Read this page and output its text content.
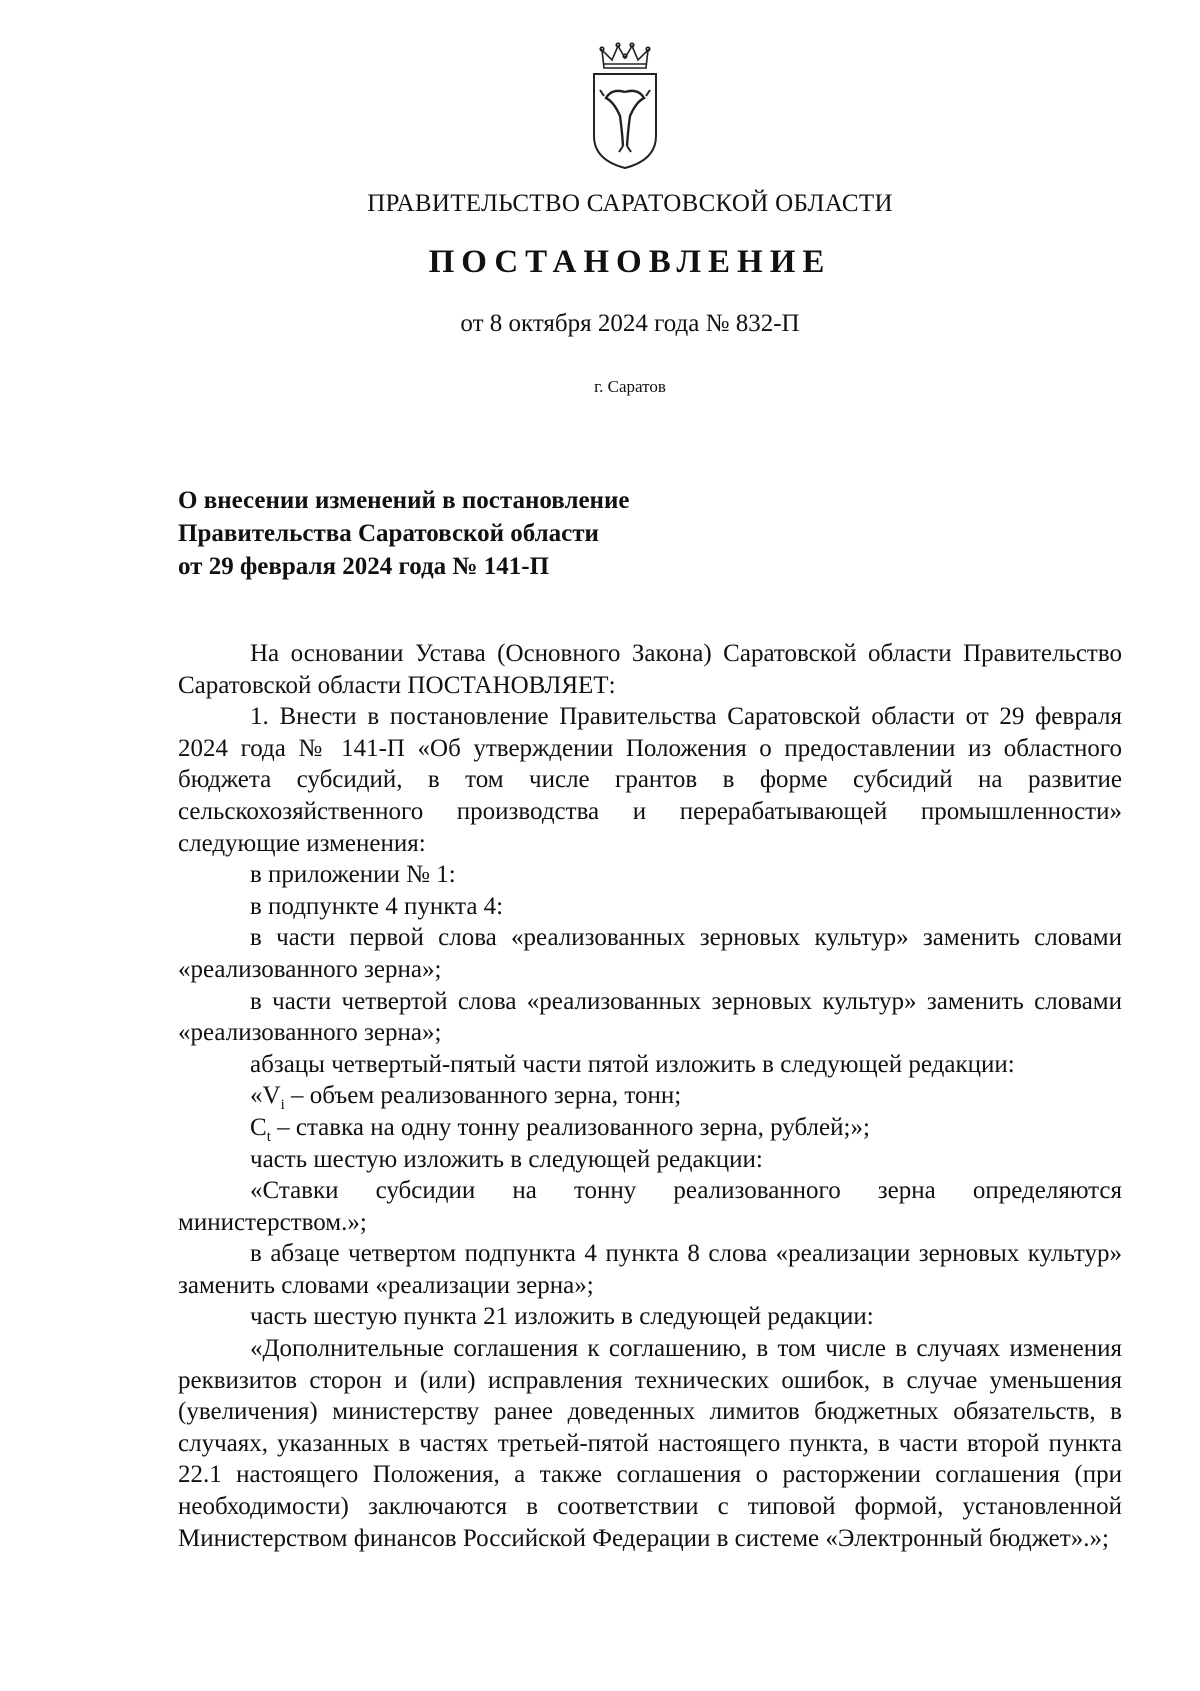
ПРАВИТЕЛЬСТВО САРАТОВСКОЙ ОБЛАСТИ
ПОСТАНОВЛЕНИЕ
от 8 октября 2024 года № 832-П
г. Саратов
О внесении изменений в постановление
Правительства Саратовской области
от 29 февраля 2024 года № 141-П

На основании Устава (Основного Закона) Саратовской области Правительство Саратовской области ПОСТАНОВЛЯЕТ:

1. Внести в постановление Правительства Саратовской области от 29 февраля 2024 года № 141-П «Об утверждении Положения о предоставлении из областного бюджета субсидий, в том числе грантов в форме субсидий на развитие сельскохозяйственного производства и перерабатывающей промышленности» следующие изменения:

в приложении № 1:

в подпункте 4 пункта 4:

в части первой слова «реализованных зерновых культур» заменить словами «реализованного зерна»;

в части четвертой слова «реализованных зерновых культур» заменить словами «реализованного зерна»;

абзацы четвертый-пятый части пятой изложить в следующей редакции:

«$V_i$ – объем реализованного зерна, тонн;

$C_t$ – ставка на одну тонну реализованного зерна, рублей;»;

часть шестую изложить в следующей редакции:

«Ставки субсидии на тонну реализованного зерна определяются министерством.»;

в абзаце четвертом подпункта 4 пункта 8 слова «реализации зерновых культур» заменить словами «реализации зерна»;

часть шестую пункта 21 изложить в следующей редакции:

«Дополнительные соглашения к соглашению, в том числе в случаях изменения реквизитов сторон и (или) исправления технических ошибок, в случае уменьшения (увеличения) министерству ранее доведенных лимитов бюджетных обязательств, в случаях, указанных в частях третьей-пятой настоящего пункта, в части второй пункта 22.1 настоящего Положения, а также соглашения о расторжении соглашения (при необходимости) заключаются в соответствии с типовой формой, установленной Министерством финансов Российской Федерации в системе «Электронный бюджет».»;
